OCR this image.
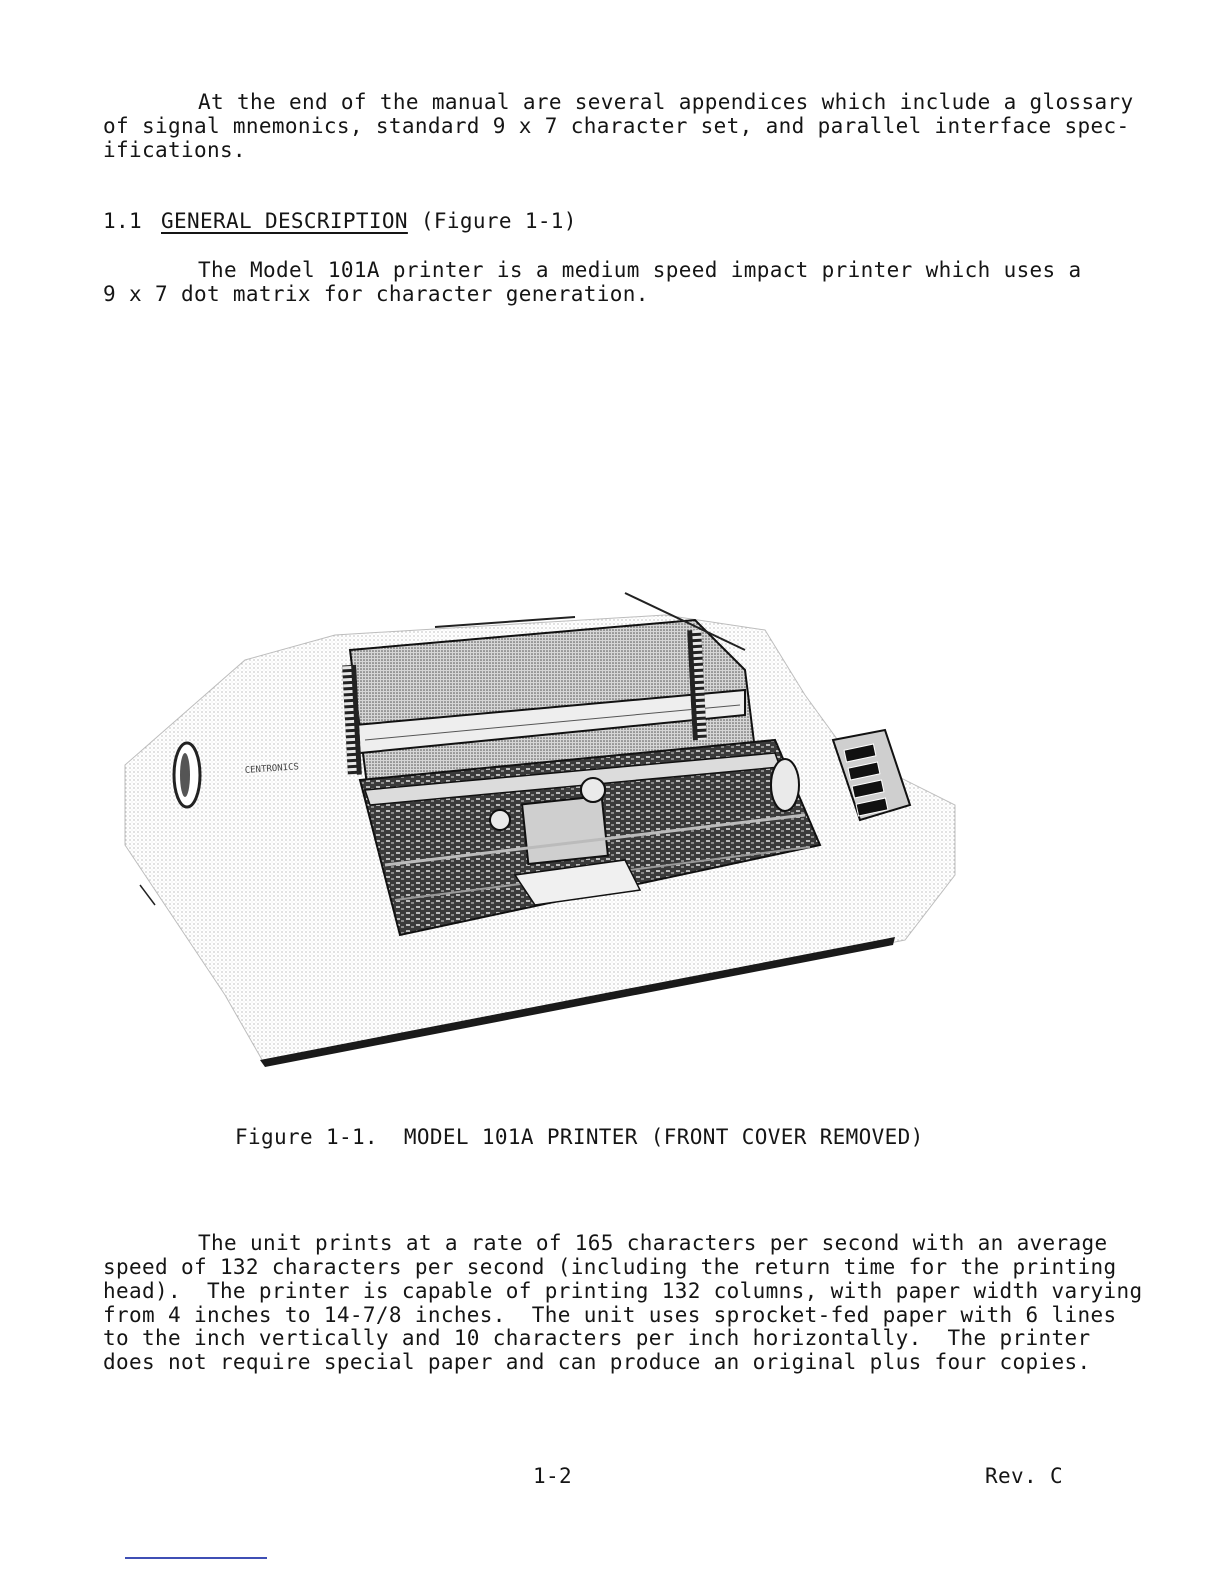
At the end of the manual are several appendices which include a glossary
of signal mnemonics, standard 9 x 7 character set, and parallel interface spec-
ifications.
1.1 GENERAL DESCRIPTION (Figure 1-1)
The Model 101A printer is a medium speed impact printer which uses a
9 x 7 dot matrix for character generation.
CENTRONICS
Figure 1-1.  MODEL 101A PRINTER (FRONT COVER REMOVED)
The unit prints at a rate of 165 characters per second with an average
speed of 132 characters per second (including the return time for the printing
head).  The printer is capable of printing 132 columns, with paper width varying
from 4 inches to 14-7/8 inches.  The unit uses sprocket-fed paper with 6 lines
to the inch vertically and 10 characters per inch horizontally.  The printer
does not require special paper and can produce an original plus four copies.
1-2	Rev. C
